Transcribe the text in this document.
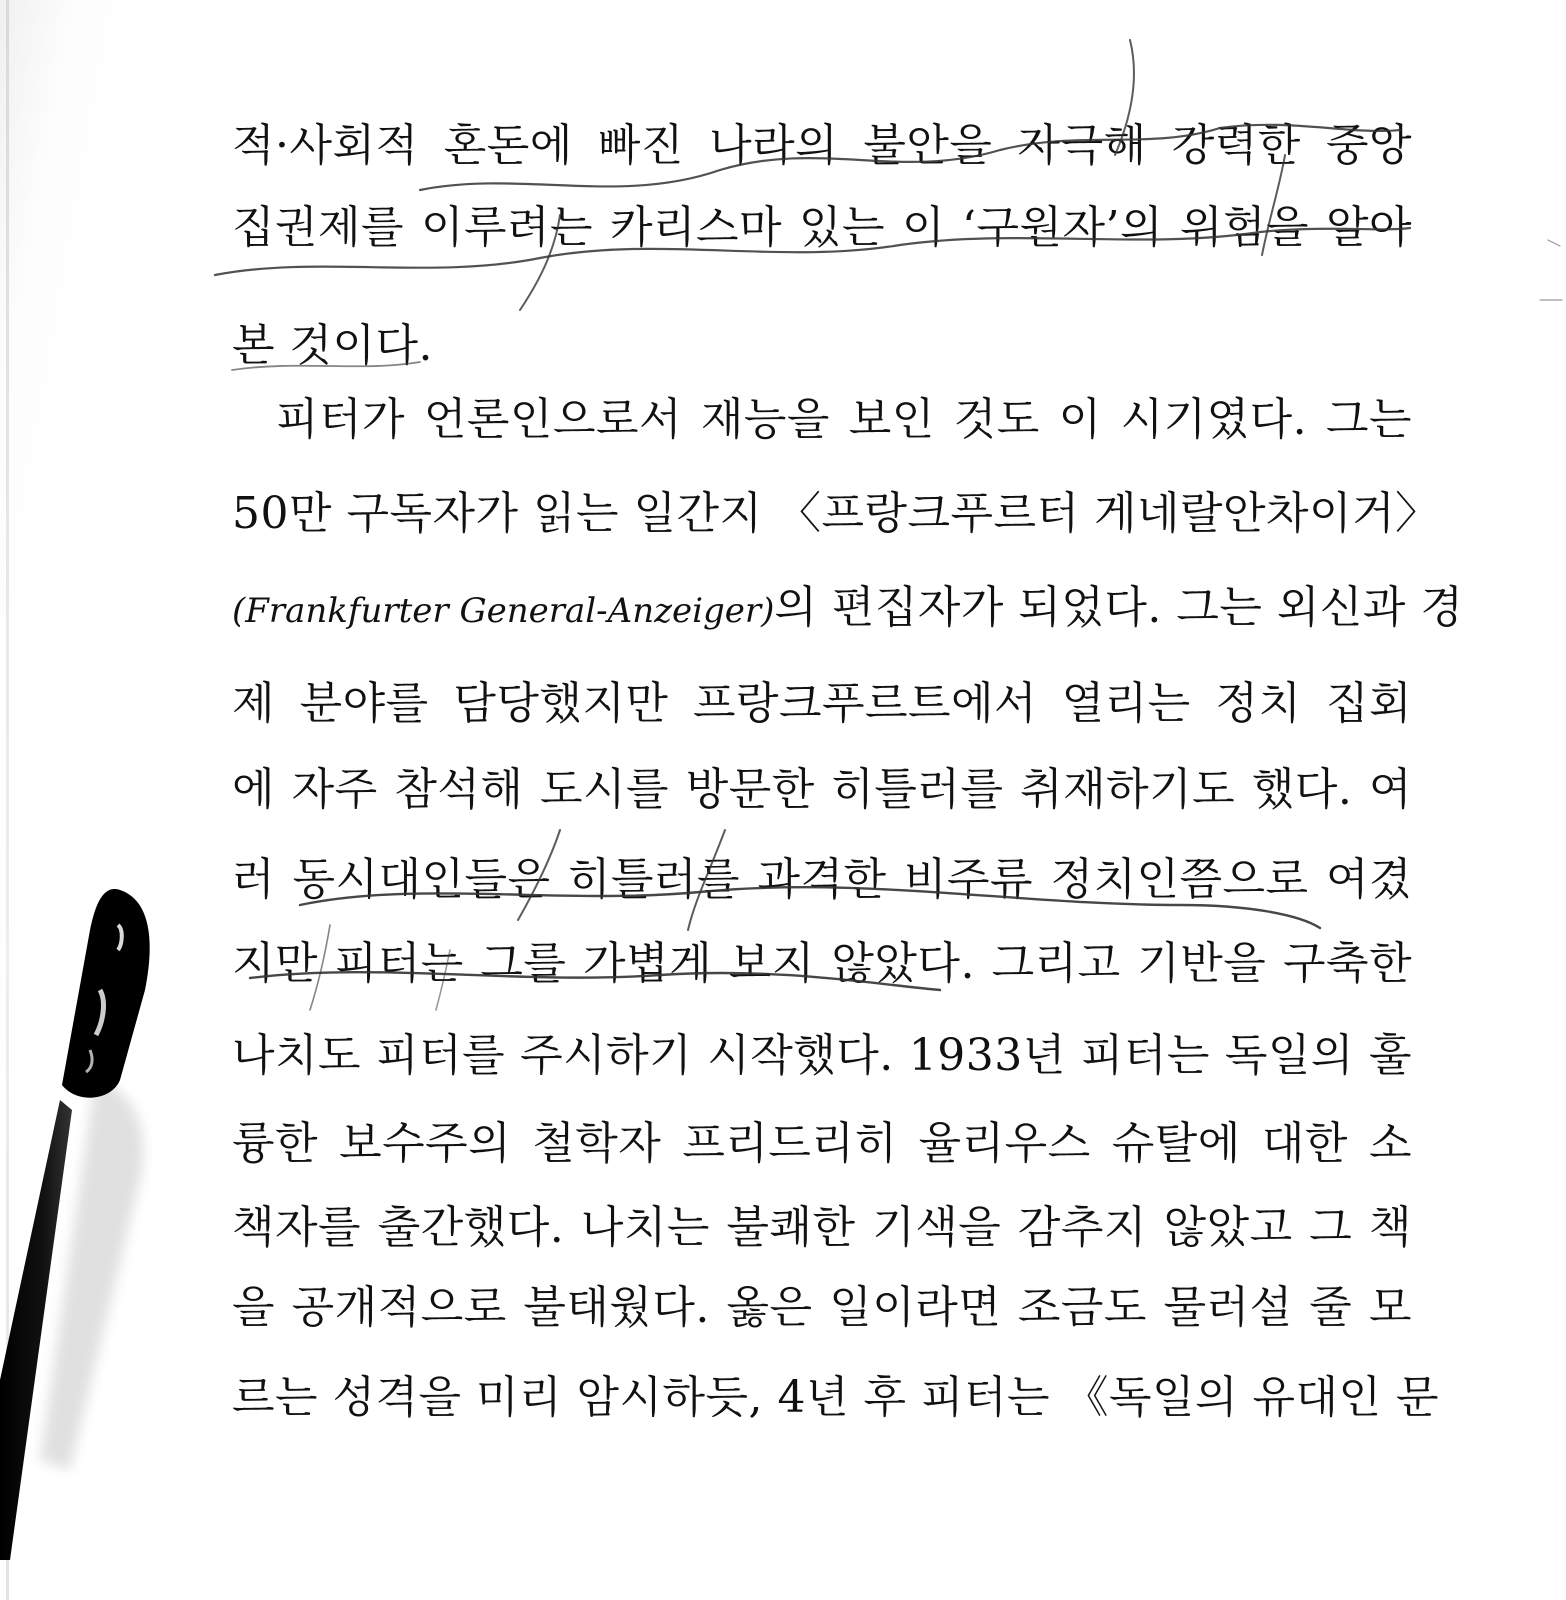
적·사회적 혼돈에 빠진 나라의 불안을 자극해 강력한 중앙
집권제를 이루려는 카리스마 있는 이 ‘구원자’의 위험을 알아
본 것이다.
피터가 언론인으로서 재능을 보인 것도 이 시기였다. 그는
50만 구독자가 읽는 일간지 〈프랑크푸르터 게네랄안차이거〉
(Frankfurter General-Anzeiger)의 편집자가 되었다. 그는 외신과 경
제 분야를 담당했지만 프랑크푸르트에서 열리는 정치 집회
에 자주 참석해 도시를 방문한 히틀러를 취재하기도 했다. 여
러 동시대인들은 히틀러를 과격한 비주류 정치인쯤으로 여겼
지만 피터는 그를 가볍게 보지 않았다. 그리고 기반을 구축한
나치도 피터를 주시하기 시작했다. 1933년 피터는 독일의 훌
륭한 보수주의 철학자 프리드리히 율리우스 슈탈에 대한 소
책자를 출간했다. 나치는 불쾌한 기색을 감추지 않았고 그 책
을 공개적으로 불태웠다. 옳은 일이라면 조금도 물러설 줄 모
르는 성격을 미리 암시하듯, 4년 후 피터는 《독일의 유대인 문
